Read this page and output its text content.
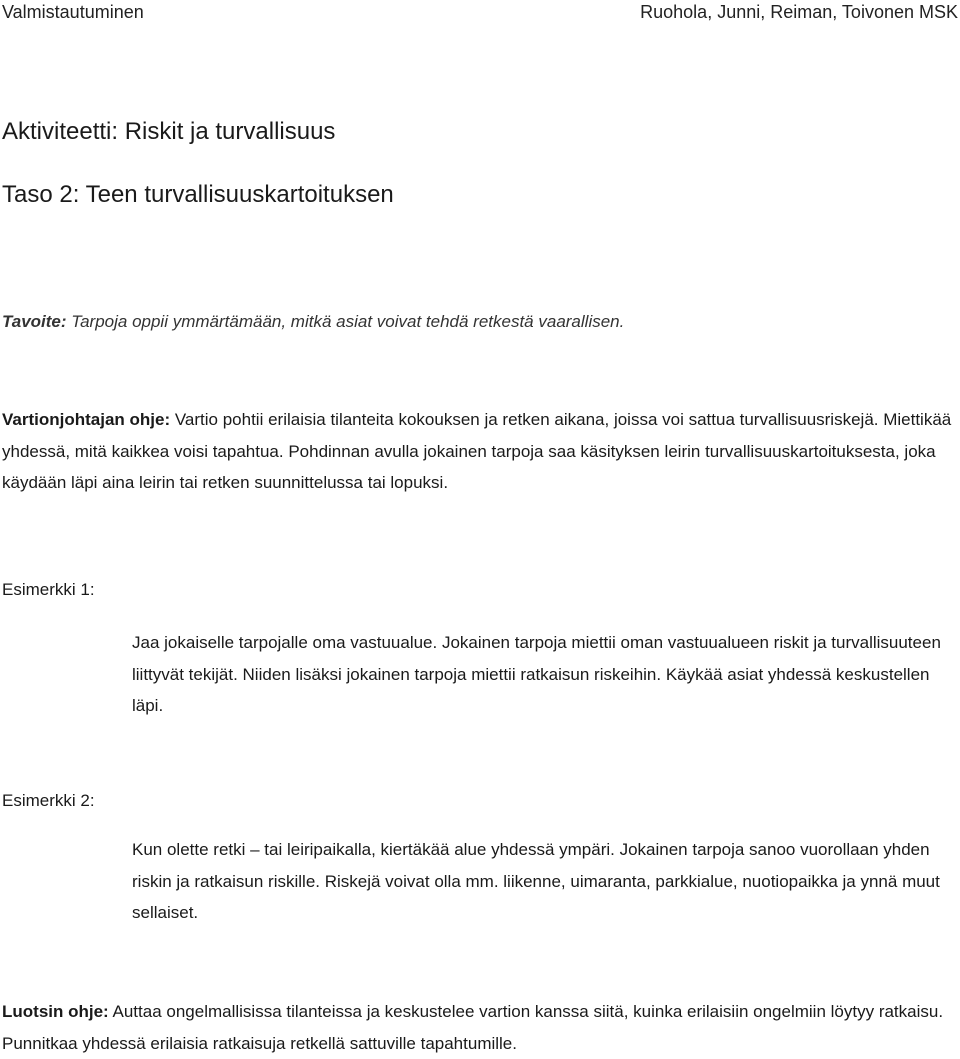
Valmistautuminen	Ruohola, Junni, Reiman, Toivonen MSK
Aktiviteetti: Riskit ja turvallisuus
Taso 2: Teen turvallisuuskartoituksen

Tavoite: Tarpoja oppii ymmärtämään, mitkä asiat voivat tehdä retkestä vaarallisen.

Vartionjohtajan ohje: Vartio pohtii erilaisia tilanteita kokouksen ja retken aikana, joissa voi sattua turvallisuusriskejä. Miettikää yhdessä, mitä kaikkea voisi tapahtua. Pohdinnan avulla jokainen tarpoja saa käsityksen leirin turvallisuuskartoituksesta, joka käydään läpi aina leirin tai retken suunnittelussa tai lopuksi.

Esimerkki 1:

Jaa jokaiselle tarpojalle oma vastuualue. Jokainen tarpoja miettii oman vastuualueen riskit ja turvallisuuteen liittyvät tekijät. Niiden lisäksi jokainen tarpoja miettii ratkaisun riskeihin. Käykää asiat yhdessä keskustellen läpi.

Esimerkki 2:

Kun olette retki – tai leiripaikalla, kiertäkää alue yhdessä ympäri. Jokainen tarpoja sanoo vuorollaan yhden riskin ja ratkaisun riskille. Riskejä voivat olla mm. liikenne, uimaranta, parkkialue, nuotiopaikka ja ynnä muut sellaiset.

Luotsin ohje: Auttaa ongelmallisissa tilanteissa ja keskustelee vartion kanssa siitä, kuinka erilaisiin ongelmiin löytyy ratkaisu. Punnitkaa yhdessä erilaisia ratkaisuja retkellä sattuville tapahtumille.
